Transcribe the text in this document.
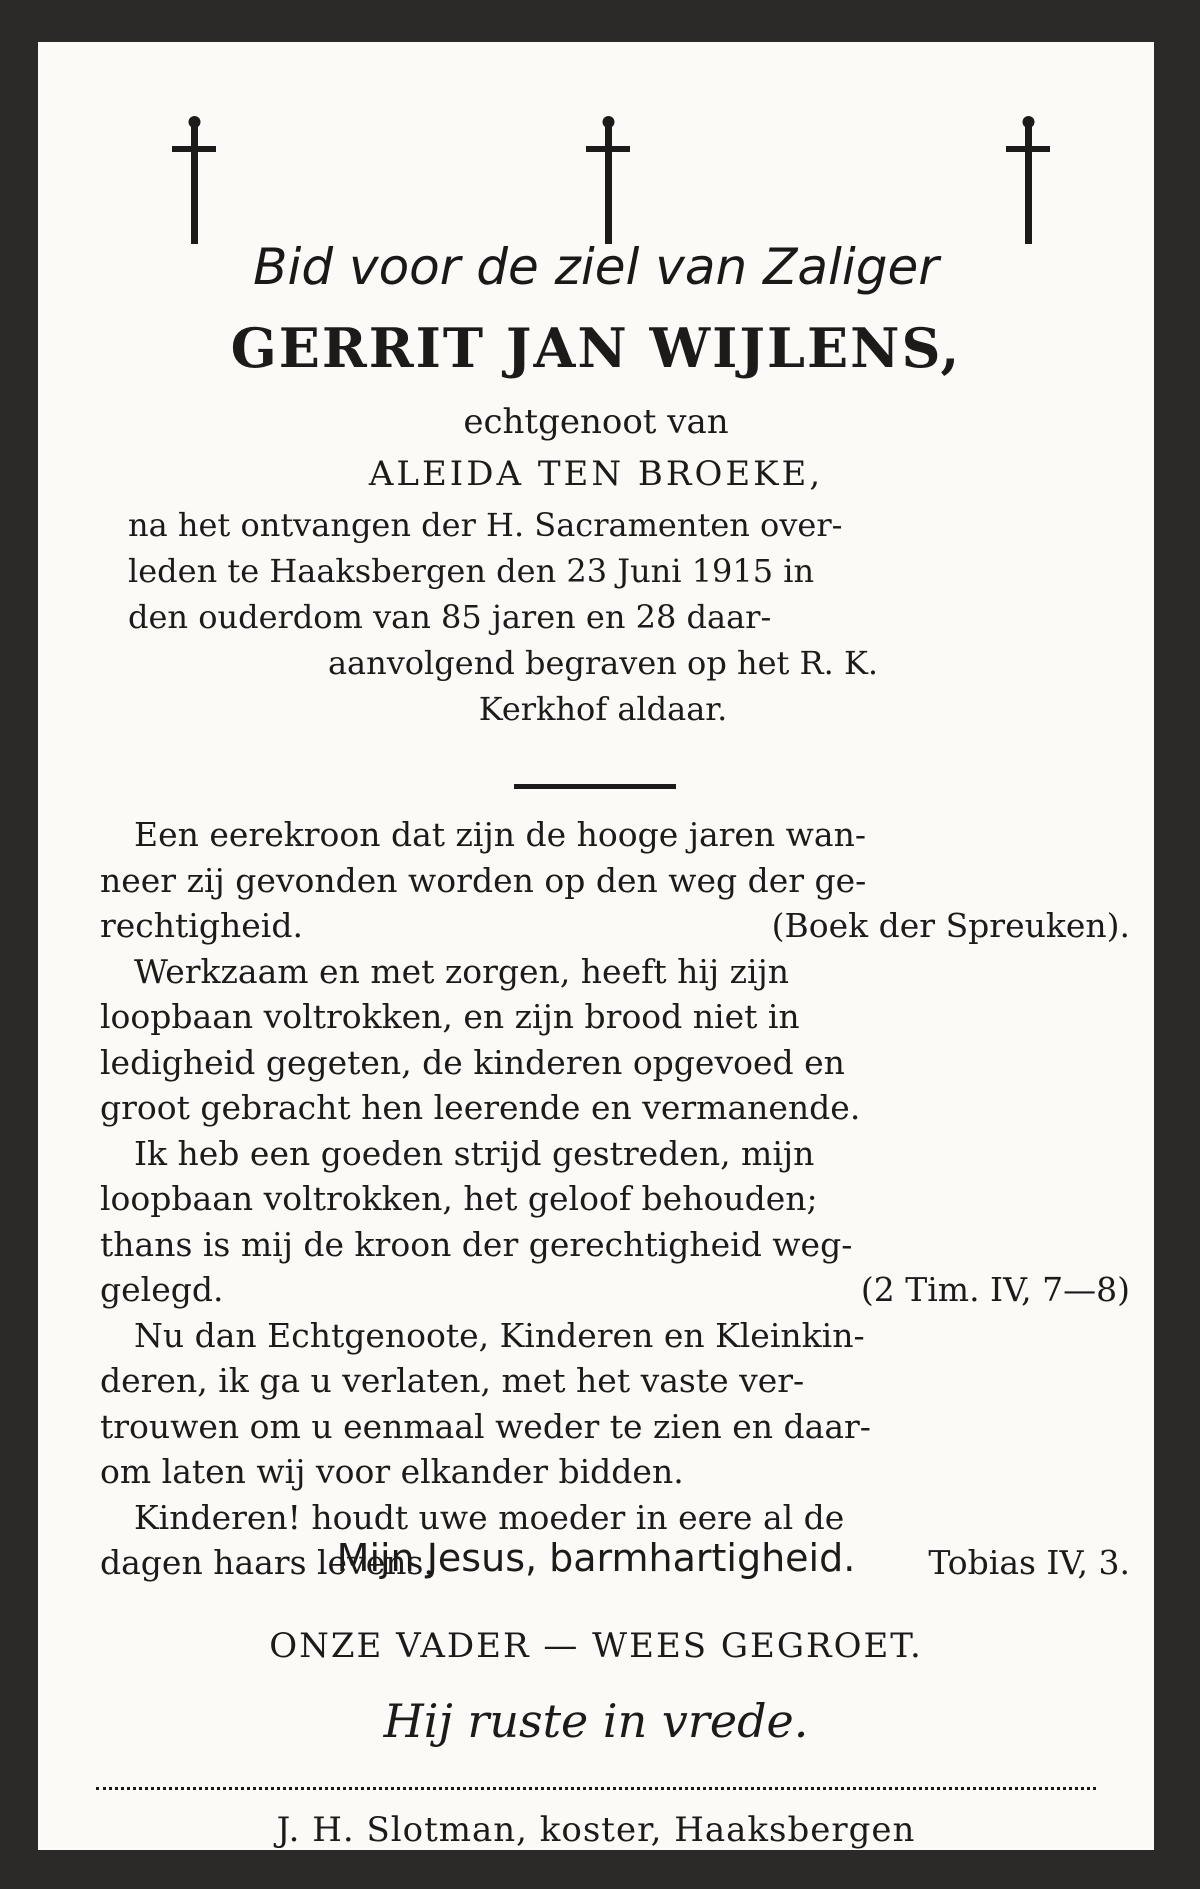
Bid voor de ziel van Zaliger
GERRIT JAN WIJLENS,
echtgenoot van
ALEIDA TEN BROEKE,
na het ontvangen der H. Sacramenten over-
leden te Haaksbergen den 23 Juni 1915 in
den ouderdom van 85 jaren en 28 daar-
aanvolgend begraven op het R. K.
Kerkhof aldaar.
Een eerekroon dat zijn de hooge jaren wan-
neer zij gevonden worden op den weg der ge-
rechtigheid.	(Boek der Spreuken).
Werkzaam en met zorgen, heeft hij zijn
loopbaan voltrokken, en zijn brood niet in
ledigheid gegeten, de kinderen opgevoed en
groot gebracht hen leerende en vermanende.
Ik heb een goeden strijd gestreden, mijn
loopbaan voltrokken, het geloof behouden;
thans is mij de kroon der gerechtigheid weg-
gelegd.	(2 Tim. IV, 7—8)
Nu dan Echtgenoote, Kinderen en Kleinkin-
deren, ik ga u verlaten, met het vaste ver-
trouwen om u eenmaal weder te zien en daar-
om laten wij voor elkander bidden.
Kinderen! houdt uwe moeder in eere al de
dagen haars levens.	Tobias IV, 3.
Mijn Jesus, barmhartigheid.
ONZE VADER — WEES GEGROET.
Hij ruste in vrede.
J. H. Slotman, koster, Haaksbergen
